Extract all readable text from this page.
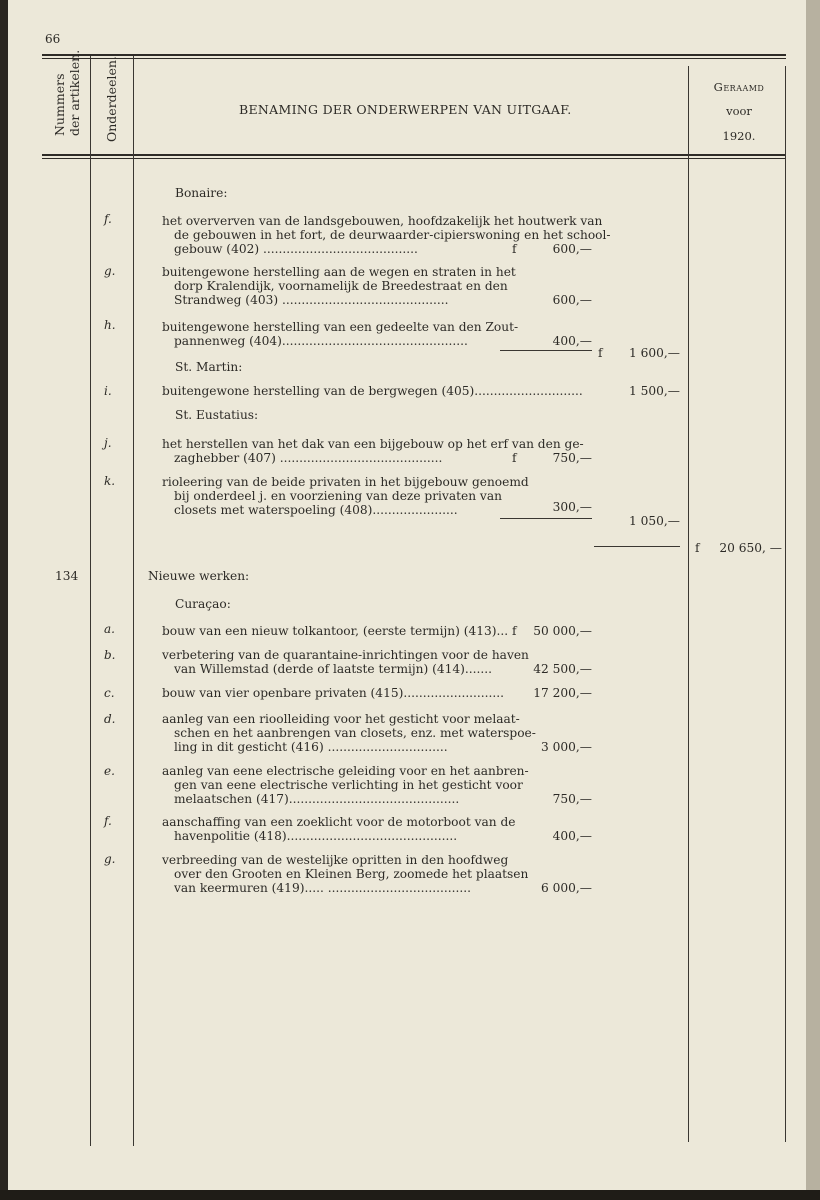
66
Nummers der artikelen. Onderdeelen.	BENAMING DER ONDERWERPEN VAN UITGAAF.
Geraamd
voor
1920.
Bonaire:
f.	het oververven van de landsgebouwen, hoofdzakelijk het houtwerk van
de gebouwen in het fort, de deurwaarder-cipierswoning en het school-
gebouw (402) ........................................	f	600,—
g.	buitengewone herstelling aan de wegen en straten in het
dorp Kralendijk, voornamelijk de Breedestraat en den
Strandweg (403) ...........................................	600,—
h.	buitengewone herstelling van een gedeelte van den Zout-
pannenweg (404)................................................	400,—
f	1 600,—
St. Martin:
i.	buitengewone herstelling van de bergwegen (405)............................	1 500,—
St. Eustatius:
j.	het herstellen van het dak van een bijgebouw op het erf van den ge-
zaghebber (407) ..........................................	f	750,—
k.	rioleering van de beide privaten in het bijgebouw genoemd
bij onderdeel j. en voorziening van deze privaten van
closets met waterspoeling (408)......................	300,—
1 050,—
f	20 650, —
134	Nieuwe werken:
Curaçao:
a.	bouw van een nieuw tolkantoor, (eerste termijn) (413)... f	50 000,—
b.	verbetering van de quarantaine-inrichtingen voor de haven
van Willemstad (derde of laatste termijn) (414).......	42 500,—
c.	bouw van vier openbare privaten (415)..........................	17 200,—
d.	aanleg van een rioolleiding voor het gesticht voor melaat-
schen en het aanbrengen van closets, enz. met waterspoe-
ling in dit gesticht (416) ...............................	3 000,—
e.	aanleg van eene electrische geleiding voor en het aanbren-
gen van eene electrische verlichting in het gesticht voor
melaatschen (417)............................................	750,—
f.	aanschaffing van een zoeklicht voor de motorboot van de
havenpolitie (418)............................................	400,—
g.	verbreeding van de westelijke opritten in den hoofdweg
over den Grooten en Kleinen Berg, zoomede het plaatsen
van keermuren (419)..... .....................................	6 000,—
